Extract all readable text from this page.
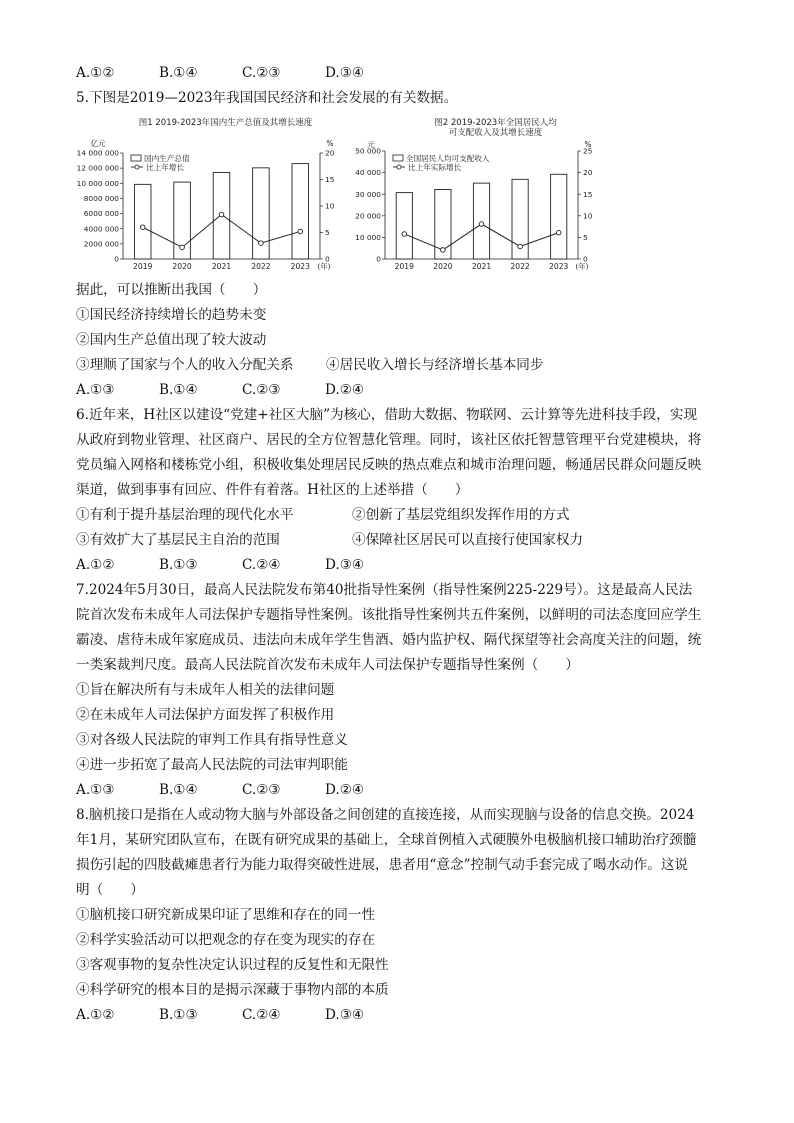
A.①②	B.①④	C.②③	D.③④
5.下图是2019—2023年我国国民经济和社会发展的有关数据。
图1 2019-2023年国内生产总值及其增长速度
亿元	%
0
2000 000
4000 000
6000 000
8000 000
10 000 000
12 000 000
14 000 000
0
5
10
15
20
2019	2020	2021	2022	2023 (年)
国内生产总值
比上年增长
图2 2019-2023年全国居民人均
可支配收入及其增长速度
元	%
0
10 000
20 000
30 000
40 000
50 000
0
5
10
15
20
25
2019	2020	2021	2022	2023 (年)
全国居民人均可支配收入
比上年实际增长
据此，可以推断出我国（　　）
①国民经济持续增长的趋势未变
②国内生产总值出现了较大波动
③理顺了国家与个人的收入分配关系 ④居民收入增长与经济增长基本同步
A.①③	B.①④	C.②③	D.②④
6.近年来，H社区以建设“党建+社区大脑”为核心，借助大数据、物联网、云计算等先进科技手段，实现
从政府到物业管理、社区商户、居民的全方位智慧化管理。同时，该社区依托智慧管理平台党建模块，将
党员编入网格和楼栋党小组，积极收集处理居民反映的热点难点和城市治理问题，畅通居民群众问题反映
渠道，做到事事有回应、件件有着落。H社区的上述举措（　　）
①有利于提升基层治理的现代化水平	②创新了基层党组织发挥作用的方式
③有效扩大了基层民主自治的范围	④保障社区居民可以直接行使国家权力
A.①②	B.①③	C.②④	D.③④
7.2024年5月30日，最高人民法院发布第40批指导性案例（指导性案例225-229号）。这是最高人民法
院首次发布未成年人司法保护专题指导性案例。该批指导性案例共五件案例，以鲜明的司法态度回应学生
霸凌、虐待未成年家庭成员、违法向未成年学生售酒、婚内监护权、隔代探望等社会高度关注的问题，统
一类案裁判尺度。最高人民法院首次发布未成年人司法保护专题指导性案例（　　）
①旨在解决所有与未成年人相关的法律问题
②在未成年人司法保护方面发挥了积极作用
③对各级人民法院的审判工作具有指导性意义
④进一步拓宽了最高人民法院的司法审判职能
A.①③	B.①④	C.②③	D.②④
8.脑机接口是指在人或动物大脑与外部设备之间创建的直接连接，从而实现脑与设备的信息交换。2024
年1月，某研究团队宣布，在既有研究成果的基础上，全球首例植入式硬膜外电极脑机接口辅助治疗颈髓
损伤引起的四肢截瘫患者行为能力取得突破性进展，患者用“意念”控制气动手套完成了喝水动作。这说
明（　　）
①脑机接口研究新成果印证了思维和存在的同一性
②科学实验活动可以把观念的存在变为现实的存在
③客观事物的复杂性决定认识过程的反复性和无限性
④科学研究的根本目的是揭示深藏于事物内部的本质
A.①②	B.①③	C.②④	D.③④
